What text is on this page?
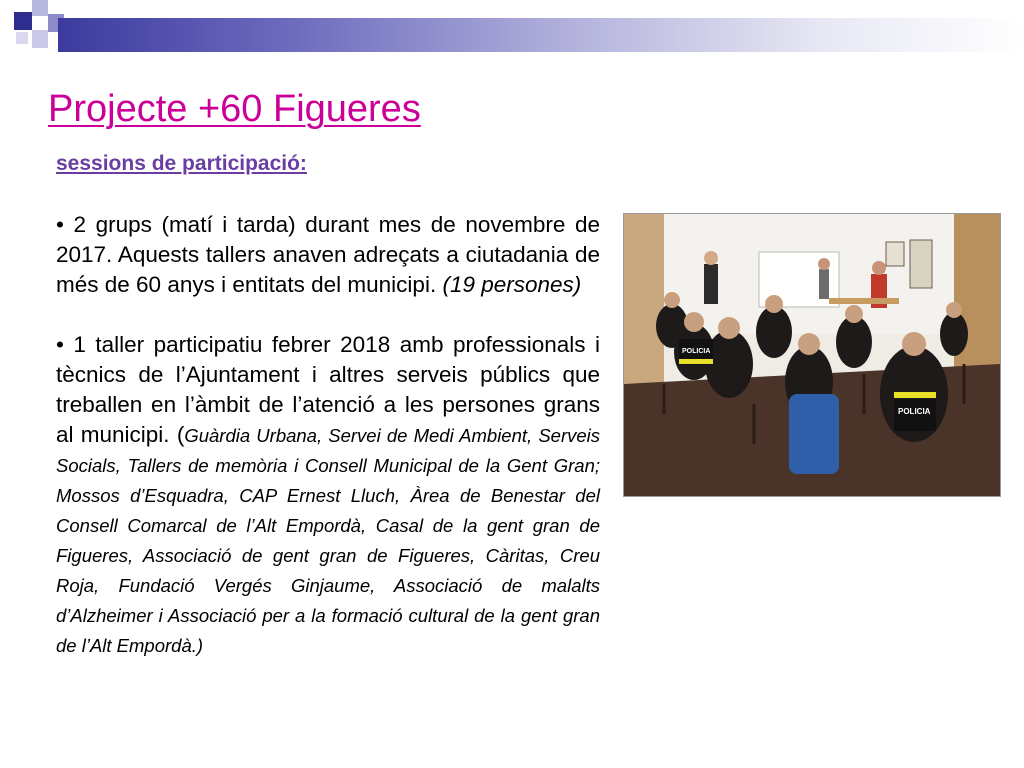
Projecte +60 Figueres
sessions de participació:

• 2 grups (matí i tarda) durant mes de novembre de 2017. Aquests tallers anaven adreçats a ciutadania de més de 60 anys i entitats del municipi. (19 persones)

• 1 taller participatiu febrer 2018 amb professionals i tècnics de l’Ajuntament i altres serveis públics que treballen en l’àmbit de l’atenció a les persones grans al municipi. (Guàrdia Urbana, Servei de Medi Ambient, Serveis Socials, Tallers de memòria i Consell Municipal de la Gent Gran; Mossos d’Esquadra, CAP Ernest Lluch, Àrea de Benestar del Consell Comarcal de l’Alt Empordà, Casal de la gent gran de Figueres, Associació de gent gran de Figueres, Càritas, Creu Roja, Fundació Vergés Ginjaume, Associació de malalts d’Alzheimer i Associació per a la formació cultural de la gent gran de l’Alt Empordà.)

POLICIA
POLICIA
